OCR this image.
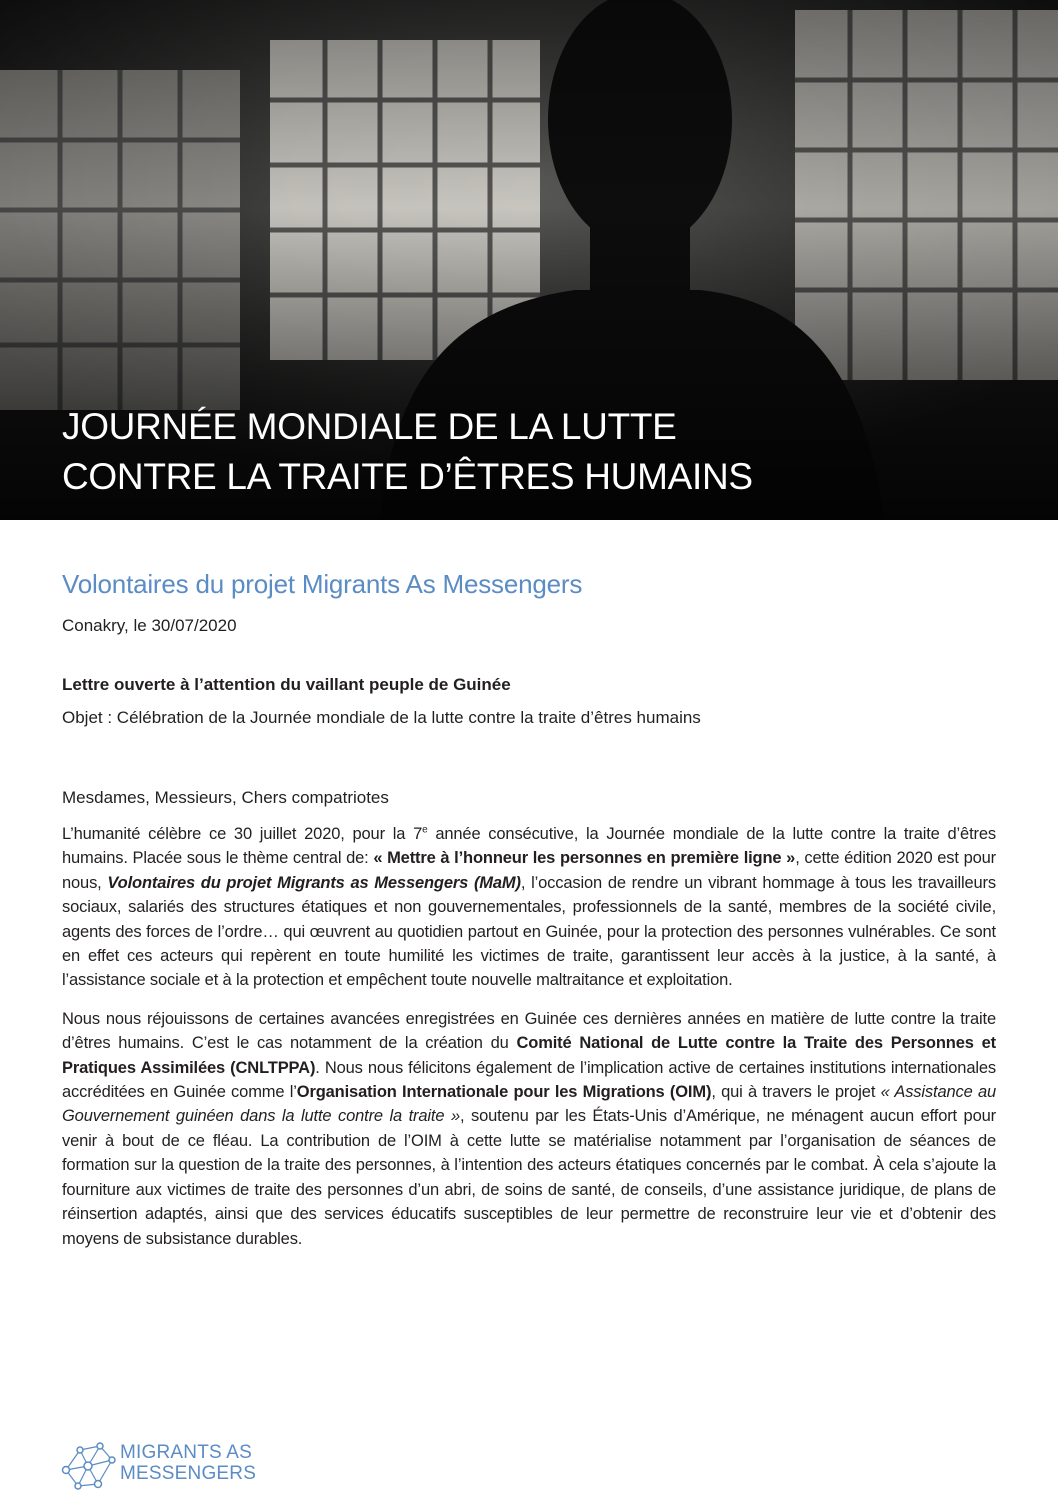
JOURNÉE MONDIALE DE LA LUTTE
CONTRE LA TRAITE D’ÊTRES HUMAINS
Volontaires du projet Migrants As Messengers

Conakry, le 30/07/2020

Lettre ouverte à l’attention du vaillant peuple de Guinée

Objet : Célébration de la Journée mondiale de la lutte contre la traite d’êtres humains

Mesdames, Messieurs, Chers compatriotes

L’humanité célèbre ce 30 juillet 2020, pour la 7e année consécutive, la Journée mondiale de la lutte contre la traite d’êtres humains. Placée sous le thème central de: « Mettre à l’honneur les personnes en première ligne », cette édition 2020 est pour nous, Volontaires du projet Migrants as Messengers (MaM), l’occasion de rendre un vibrant hommage à tous les travailleurs sociaux, salariés des structures étatiques et non gouvernementales, professionnels de la santé, membres de la société civile, agents des forces de l’ordre… qui œuvrent au quotidien partout en Guinée, pour la protection des personnes vulnérables. Ce sont en effet ces acteurs qui repèrent en toute humilité les victimes de traite, garantissent leur accès à la justice, à la santé, à l’assistance sociale et à la protection et empêchent toute nouvelle maltraitance et exploitation.

Nous nous réjouissons de certaines avancées enregistrées en Guinée ces dernières années en matière de lutte contre la traite d’êtres humains. C’est le cas notamment de la création du Comité National de Lutte contre la Traite des Personnes et Pratiques Assimilées (CNLTPPA). Nous nous félicitons également de l’implication active de certaines institutions internationales accréditées en Guinée comme l’Organisation Internationale pour les Migrations (OIM), qui à travers le projet « Assistance au Gouvernement guinéen dans la lutte contre la traite », soutenu par les États-Unis d’Amérique, ne ménagent aucun effort pour venir à bout de ce fléau. La contribution de l’OIM à cette lutte se matérialise notamment par l’organisation de séances de formation sur la question de la traite des personnes, à l’intention des acteurs étatiques concernés par le combat. À cela s’ajoute la fourniture aux victimes de traite des personnes d’un abri, de soins de santé, de conseils, d’une assistance juridique, de plans de réinsertion adaptés, ainsi que des services éducatifs susceptibles de leur permettre de reconstruire leur vie et d’obtenir des moyens de subsistance durables.

MIGRANTS AS
MESSENGERS
